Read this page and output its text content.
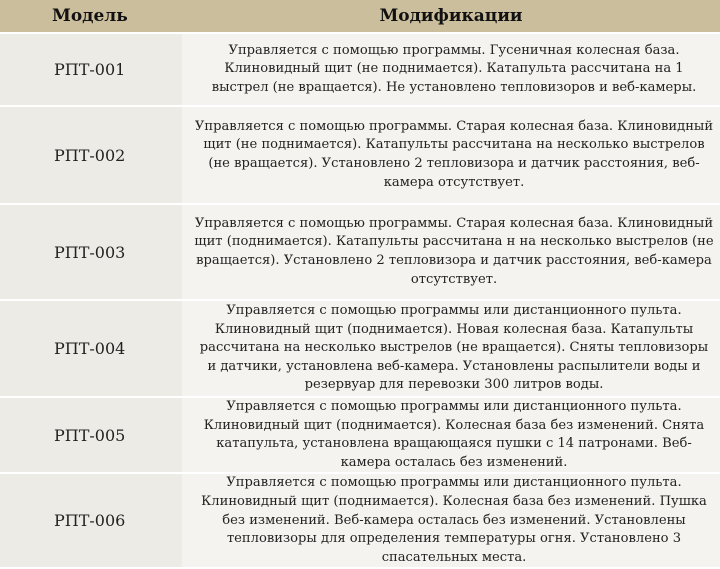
Модель	Модификации
РПТ-001	Управляется с помощью программы. Гусеничная колесная база. Клиновидный щит (не поднимается). Катапульта рассчитана на 1 выстрел (не вращается). Не установлено тепловизоров и веб-камеры.
РПТ-002	Управляется с помощью программы. Старая колесная база. Клиновидный щит (не поднимается). Катапульты рассчитана на несколько выстрелов (не вращается). Установлено 2 тепловизора и датчик расстояния, веб-камера отсутствует.
РПТ-003	Управляется с помощью программы. Старая колесная база. Клиновидный щит (поднимается). Катапульты рассчитана н на несколько выстрелов (не вращается). Установлено 2 тепловизора и датчик расстояния, веб-камера отсутствует.
РПТ-004	Управляется с помощью программы или дистанционного пульта. Клиновидный щит (поднимается). Новая колесная база. Катапульты рассчитана на несколько выстрелов (не вращается). Сняты тепловизоры и датчики, установлена веб-камера. Установлены распылители воды и резервуар для перевозки 300 литров воды.
РПТ-005	Управляется с помощью программы или дистанционного пульта. Клиновидный щит (поднимается). Колесная база без изменений. Снята катапульта, установлена вращающаяся пушки с 14 патронами. Веб-камера осталась без изменений.
РПТ-006	Управляется с помощью программы или дистанционного пульта. Клиновидный щит (поднимается). Колесная база без изменений. Пушка без изменений. Веб-камера осталась без изменений. Установлены тепловизоры для определения температуры огня. Установлено 3 спасательных места.
